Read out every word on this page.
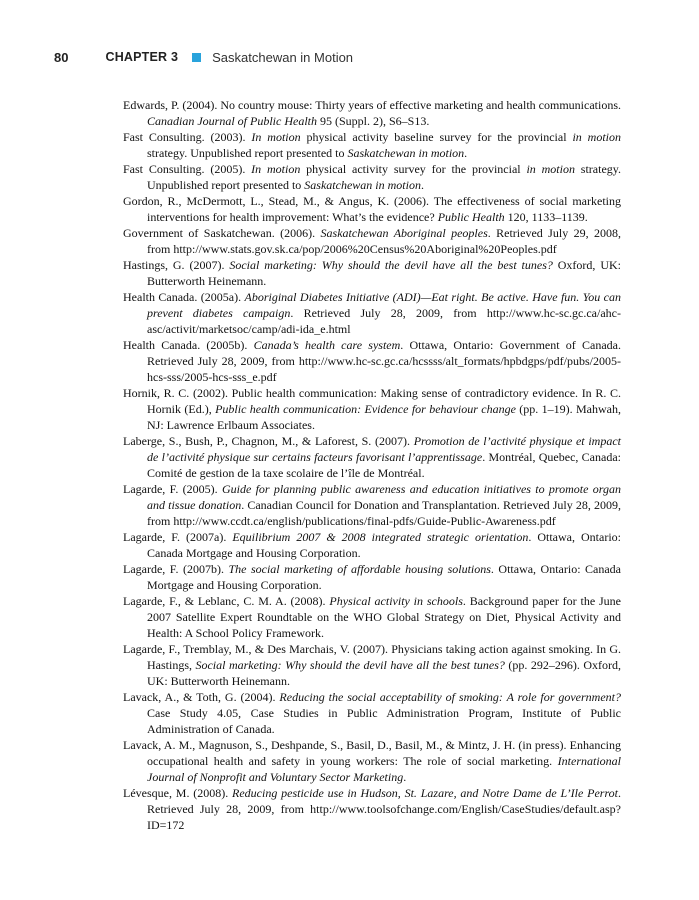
80	CHAPTER 3	Saskatchewan in Motion

Edwards, P. (2004). No country mouse: Thirty years of effective marketing and health communications. Canadian Journal of Public Health 95 (Suppl. 2), S6–S13.

Fast Consulting. (2003). In motion physical activity baseline survey for the provincial in motion strategy. Unpublished report presented to Saskatchewan in motion.

Fast Consulting. (2005). In motion physical activity survey for the provincial in motion strategy. Unpublished report presented to Saskatchewan in motion.

Gordon, R., McDermott, L., Stead, M., & Angus, K. (2006). The effectiveness of social marketing interventions for health improvement: What’s the evidence? Public Health 120, 1133–1139.

Government of Saskatchewan. (2006). Saskatchewan Aboriginal peoples. Retrieved July 29, 2008, from http://www.stats.gov.sk.ca/pop/2006%20Census%20Aboriginal%20Peoples.pdf

Hastings, G. (2007). Social marketing: Why should the devil have all the best tunes? Oxford, UK: Butterworth Heinemann.

Health Canada. (2005a). Aboriginal Diabetes Initiative (ADI)—Eat right. Be active. Have fun. You can prevent diabetes campaign. Retrieved July 28, 2009, from http://www.hc-sc.gc.ca/ahc-asc/activit/marketsoc/camp/adi-ida_e.html

Health Canada. (2005b). Canada’s health care system. Ottawa, Ontario: Government of Canada. Retrieved July 28, 2009, from http://www.hc-sc.gc.ca/hcssss/alt_formats/hpbdgps/pdf/pubs/2005-hcs-sss/2005-hcs-sss_e.pdf

Hornik, R. C. (2002). Public health communication: Making sense of contradictory evidence. In R. C. Hornik (Ed.), Public health communication: Evidence for behaviour change (pp. 1–19). Mahwah, NJ: Lawrence Erlbaum Associates.

Laberge, S., Bush, P., Chagnon, M., & Laforest, S. (2007). Promotion de l’activité physique et impact de l’activité physique sur certains facteurs favorisant l’apprentissage. Montréal, Quebec, Canada: Comité de gestion de la taxe scolaire de l’île de Montréal.

Lagarde, F. (2005). Guide for planning public awareness and education initiatives to promote organ and tissue donation. Canadian Council for Donation and Transplantation. Retrieved July 28, 2009, from http://www.ccdt.ca/english/publications/final-pdfs/Guide-Public-Awareness.pdf

Lagarde, F. (2007a). Equilibrium 2007 & 2008 integrated strategic orientation. Ottawa, Ontario: Canada Mortgage and Housing Corporation.

Lagarde, F. (2007b). The social marketing of affordable housing solutions. Ottawa, Ontario: Canada Mortgage and Housing Corporation.

Lagarde, F., & Leblanc, C. M. A. (2008). Physical activity in schools. Background paper for the June 2007 Satellite Expert Roundtable on the WHO Global Strategy on Diet, Physical Activity and Health: A School Policy Framework.

Lagarde, F., Tremblay, M., & Des Marchais, V. (2007). Physicians taking action against smoking. In G. Hastings, Social marketing: Why should the devil have all the best tunes? (pp. 292–296). Oxford, UK: Butterworth Heinemann.

Lavack, A., & Toth, G. (2004). Reducing the social acceptability of smoking: A role for government? Case Study 4.05, Case Studies in Public Administration Program, Institute of Public Administration of Canada.

Lavack, A. M., Magnuson, S., Deshpande, S., Basil, D., Basil, M., & Mintz, J. H. (in press). Enhancing occupational health and safety in young workers: The role of social marketing. International Journal of Nonprofit and Voluntary Sector Marketing.

Lévesque, M. (2008). Reducing pesticide use in Hudson, St. Lazare, and Notre Dame de L’Ile Perrot. Retrieved July 28, 2009, from http://www.toolsofchange.com/English/CaseStudies/default.asp?ID=172
